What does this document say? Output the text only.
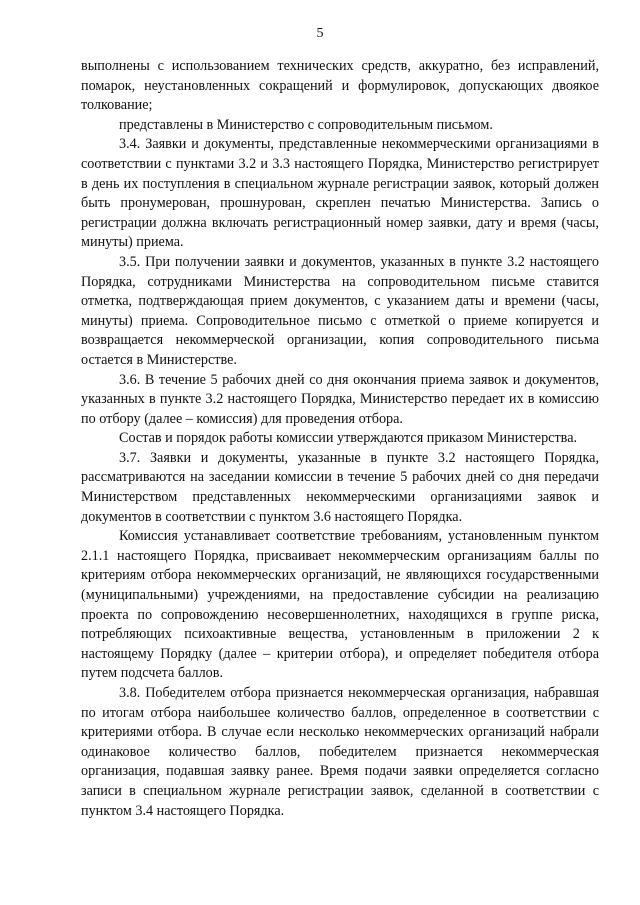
5

выполнены с использованием технических средств, аккуратно, без исправлений, помарок, неустановленных сокращений и формулировок, допускающих двоякое толкование;

представлены в Министерство с сопроводительным письмом.

3.4. Заявки и документы, представленные некоммерческими организациями в соответствии с пунктами 3.2 и 3.3 настоящего Порядка, Министерство регистрирует в день их поступления в специальном журнале регистрации заявок, который должен быть пронумерован, прошнурован, скреплен печатью Министерства. Запись о регистрации должна включать регистрационный номер заявки, дату и время (часы, минуты) приема.

3.5. При получении заявки и документов, указанных в пункте 3.2 настоящего Порядка, сотрудниками Министерства на сопроводительном письме ставится отметка, подтверждающая прием документов, с указанием даты и времени (часы, минуты) приема. Сопроводительное письмо с отметкой о приеме копируется и возвращается некоммерческой организации, копия сопроводительного письма остается в Министерстве.

3.6. В течение 5 рабочих дней со дня окончания приема заявок и документов, указанных в пункте 3.2 настоящего Порядка, Министерство передает их в комиссию по отбору (далее – комиссия) для проведения отбора.

Состав и порядок работы комиссии утверждаются приказом Министерства.

3.7. Заявки и документы, указанные в пункте 3.2 настоящего Порядка, рассматриваются на заседании комиссии в течение 5 рабочих дней со дня передачи Министерством представленных некоммерческими организациями заявок и документов в соответствии с пунктом 3.6 настоящего Порядка.

Комиссия устанавливает соответствие требованиям, установленным пунктом 2.1.1 настоящего Порядка, присваивает некоммерческим организациям баллы по критериям отбора некоммерческих организаций, не являющихся государственными (муниципальными) учреждениями, на предоставление субсидии на реализацию проекта по сопровождению несовершеннолетних, находящихся в группе риска, потребляющих психоактивные вещества, установленным в приложении 2 к настоящему Порядку (далее – критерии отбора), и определяет победителя отбора путем подсчета баллов.

3.8. Победителем отбора признается некоммерческая организация, набравшая по итогам отбора наибольшее количество баллов, определенное в соответствии с критериями отбора. В случае если несколько некоммерческих организаций набрали одинаковое количество баллов, победителем признается некоммерческая организация, подавшая заявку ранее. Время подачи заявки определяется согласно записи в специальном журнале регистрации заявок, сделанной в соответствии с пунктом 3.4 настоящего Порядка.
